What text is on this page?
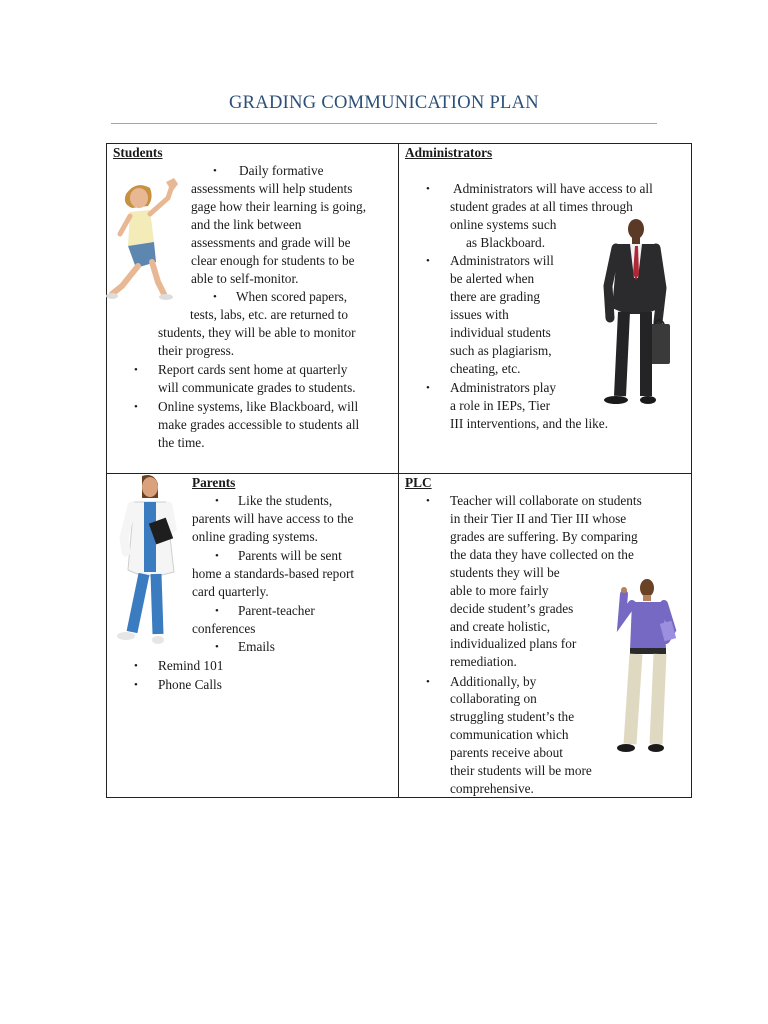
GRADING COMMUNICATION PLAN
Students
• Daily formative
assessments will help students
gage how their learning is going,
and the link between
assessments and grade will be
clear enough for students to be
able to self-monitor.
• When scored papers,
tests, labs, etc. are returned to
students, they will be able to monitor
their progress.
• Report cards sent home at quarterly
will communicate grades to students.
• Online systems, like Blackboard, will
make grades accessible to students all
the time.
Administrators
• Administrators will have access to all
student grades at all times through
online systems such
as Blackboard.
• Administrators will
be alerted when
there are grading
issues with
individual students
such as plagiarism,
cheating, etc.
• Administrators play
a role in IEPs, Tier
III interventions, and the like.
Parents
• Like the students,
parents will have access to the
online grading systems.
• Parents will be sent
home a standards-based report
card quarterly.
• Parent-teacher
conferences
• Emails
• Remind 101
• Phone Calls
PLC
• Teacher will collaborate on students
in their Tier II and Tier III whose
grades are suffering. By comparing
the data they have collected on the
students they will be
able to more fairly
decide student’s grades
and create holistic,
individualized plans for
remediation.
• Additionally, by
collaborating on
struggling student’s the
communication which
parents receive about
their students will be more
comprehensive.
